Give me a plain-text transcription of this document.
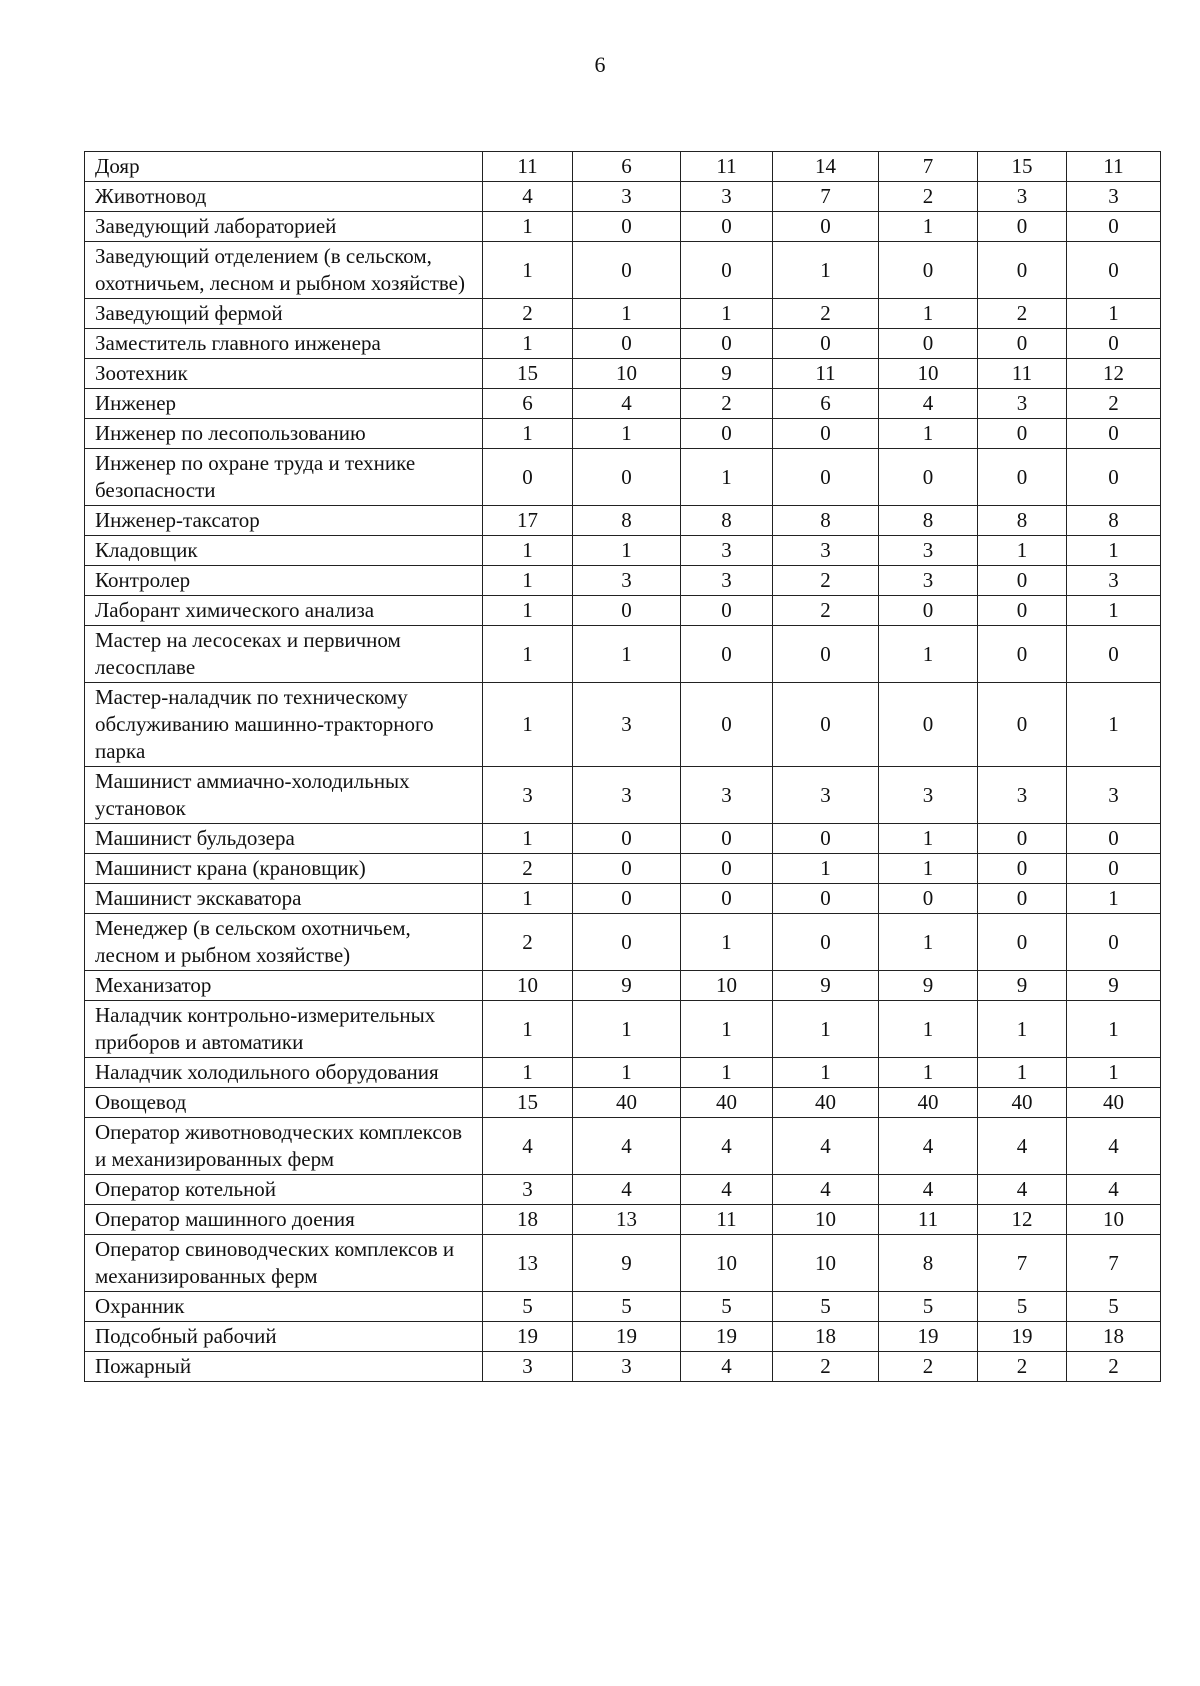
6
Дояр	11	6	11	14	7	15	11
Животновод	4	3	3	7	2	3	3
Заведующий лабораторией	1	0	0	0	1	0	0
Заведующий отделением (в сельском, охотничьем, лесном и рыбном хозяйстве)	1	0	0	1	0	0	0
Заведующий фермой	2	1	1	2	1	2	1
Заместитель главного инженера	1	0	0	0	0	0	0
Зоотехник	15	10	9	11	10	11	12
Инженер	6	4	2	6	4	3	2
Инженер по лесопользованию	1	1	0	0	1	0	0
Инженер по охране труда и технике безопасности	0	0	1	0	0	0	0
Инженер-таксатор	17	8	8	8	8	8	8
Кладовщик	1	1	3	3	3	1	1
Контролер	1	3	3	2	3	0	3
Лаборант химического анализа	1	0	0	2	0	0	1
Мастер на лесосеках и первичном лесосплаве	1	1	0	0	1	0	0
Мастер-наладчик по техническому обслуживанию машинно-тракторного парка	1	3	0	0	0	0	1
Машинист аммиачно-холодильных установок	3	3	3	3	3	3	3
Машинист бульдозера	1	0	0	0	1	0	0
Машинист крана (крановщик)	2	0	0	1	1	0	0
Машинист экскаватора	1	0	0	0	0	0	1
Менеджер (в сельском охотничьем, лесном и рыбном хозяйстве)	2	0	1	0	1	0	0
Механизатор	10	9	10	9	9	9	9
Наладчик контрольно-измерительных приборов и автоматики	1	1	1	1	1	1	1
Наладчик холодильного оборудования	1	1	1	1	1	1	1
Овощевод	15	40	40	40	40	40	40
Оператор животноводческих комплексов и механизированных ферм	4	4	4	4	4	4	4
Оператор котельной	3	4	4	4	4	4	4
Оператор машинного доения	18	13	11	10	11	12	10
Оператор свиноводческих комплексов и механизированных ферм	13	9	10	10	8	7	7
Охранник	5	5	5	5	5	5	5
Подсобный рабочий	19	19	19	18	19	19	18
Пожарный	3	3	4	2	2	2	2
